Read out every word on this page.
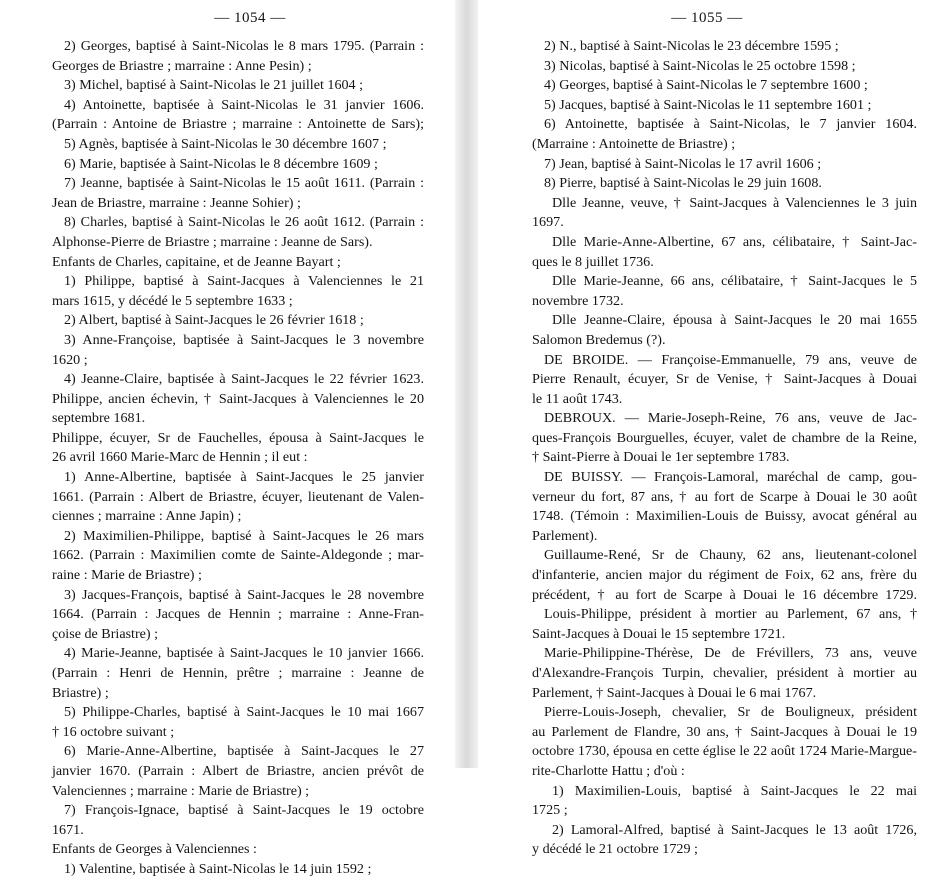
— 1054 —
2) Georges, baptisé à Saint-Nicolas le 8 mars 1795. (Parrain :
Georges de Briastre ; marraine : Anne Pesin) ;
3) Michel, baptisé à Saint-Nicolas le 21 juillet 1604 ;
4) Antoinette, baptisée à Saint-Nicolas le 31 janvier 1606.
(Parrain : Antoine de Briastre ; marraine : Antoinette de Sars);
5) Agnès, baptisée à Saint-Nicolas le 30 décembre 1607 ;
6) Marie, baptisée à Saint-Nicolas le 8 décembre 1609 ;
7) Jeanne, baptisée à Saint-Nicolas le 15 août 1611. (Parrain :
Jean de Briastre, marraine : Jeanne Sohier) ;
8) Charles, baptisé à Saint-Nicolas le 26 août 1612. (Parrain :
Alphonse-Pierre de Briastre ; marraine : Jeanne de Sars).
Enfants de Charles, capitaine, et de Jeanne Bayart ;
1) Philippe, baptisé à Saint-Jacques à Valenciennes le 21
mars 1615, y décédé le 5 septembre 1633 ;
2) Albert, baptisé à Saint-Jacques le 26 février 1618 ;
3) Anne-Françoise, baptisée à Saint-Jacques le 3 novembre
1620 ;
4) Jeanne-Claire, baptisée à Saint-Jacques le 22 février 1623.
Philippe, ancien échevin, † Saint-Jacques à Valenciennes le 20
septembre 1681.
Philippe, écuyer, Sr de Fauchelles, épousa à Saint-Jacques le
26 avril 1660 Marie-Marc de Hennin ; il eut :
1) Anne-Albertine, baptisée à Saint-Jacques le 25 janvier
1661. (Parrain : Albert de Briastre, écuyer, lieutenant de Valen-
ciennes ; marraine : Anne Japin) ;
2) Maximilien-Philippe, baptisé à Saint-Jacques le 26 mars
1662. (Parrain : Maximilien comte de Sainte-Aldegonde ; mar-
raine : Marie de Briastre) ;
3) Jacques-François, baptisé à Saint-Jacques le 28 novembre
1664. (Parrain : Jacques de Hennin ; marraine : Anne-Fran-
çoise de Briastre) ;
4) Marie-Jeanne, baptisée à Saint-Jacques le 10 janvier 1666.
(Parrain : Henri de Hennin, prêtre ; marraine : Jeanne de
Briastre) ;
5) Philippe-Charles, baptisé à Saint-Jacques le 10 mai 1667
† 16 octobre suivant ;
6) Marie-Anne-Albertine, baptisée à Saint-Jacques le 27
janvier 1670. (Parrain : Albert de Briastre, ancien prévôt de
Valenciennes ; marraine : Marie de Briastre) ;
7) François-Ignace, baptisé à Saint-Jacques le 19 octobre
1671.
Enfants de Georges à Valenciennes :
1) Valentine, baptisée à Saint-Nicolas le 14 juin 1592 ;
— 1055 —
2) N., baptisé à Saint-Nicolas le 23 décembre 1595 ;
3) Nicolas, baptisé à Saint-Nicolas le 25 octobre 1598 ;
4) Georges, baptisé à Saint-Nicolas le 7 septembre 1600 ;
5) Jacques, baptisé à Saint-Nicolas le 11 septembre 1601 ;
6) Antoinette, baptisée à Saint-Nicolas, le 7 janvier 1604.
(Marraine : Antoinette de Briastre) ;
7) Jean, baptisé à Saint-Nicolas le 17 avril 1606 ;
8) Pierre, baptisé à Saint-Nicolas le 29 juin 1608.
Dlle Jeanne, veuve, † Saint-Jacques à Valenciennes le 3 juin
1697.
Dlle Marie-Anne-Albertine, 67 ans, célibataire, † Saint-Jac-
ques le 8 juillet 1736.
Dlle Marie-Jeanne, 66 ans, célibataire, † Saint-Jacques le 5
novembre 1732.
Dlle Jeanne-Claire, épousa à Saint-Jacques le 20 mai 1655
Salomon Bredemus (?).
DE BROIDE. — Françoise-Emmanuelle, 79 ans, veuve de
Pierre Renault, écuyer, Sr de Venise, † Saint-Jacques à Douai
le 11 août 1743.
DEBROUX. — Marie-Joseph-Reine, 76 ans, veuve de Jac-
ques-François Bourguelles, écuyer, valet de chambre de la Reine,
† Saint-Pierre à Douai le 1er septembre 1783.
DE BUISSY. — François-Lamoral, maréchal de camp, gou-
verneur du fort, 87 ans, † au fort de Scarpe à Douai le 30 août
1748. (Témoin : Maximilien-Louis de Buissy, avocat général au
Parlement).
Guillaume-René, Sr de Chauny, 62 ans, lieutenant-colonel
d'infanterie, ancien major du régiment de Foix, 62 ans, frère du
précédent, † au fort de Scarpe à Douai le 16 décembre 1729.
Louis-Philippe, président à mortier au Parlement, 67 ans, †
Saint-Jacques à Douai le 15 septembre 1721.
Marie-Philippine-Thérèse, De de Frévillers, 73 ans, veuve
d'Alexandre-François Turpin, chevalier, président à mortier au
Parlement, † Saint-Jacques à Douai le 6 mai 1767.
Pierre-Louis-Joseph, chevalier, Sr de Bouligneux, président
au Parlement de Flandre, 30 ans, † Saint-Jacques à Douai le 19
octobre 1730, épousa en cette église le 22 août 1724 Marie-Margue-
rite-Charlotte Hattu ; d'où :
1) Maximilien-Louis, baptisé à Saint-Jacques le 22 mai
1725 ;
2) Lamoral-Alfred, baptisé à Saint-Jacques le 13 août 1726,
y décédé le 21 octobre 1729 ;
